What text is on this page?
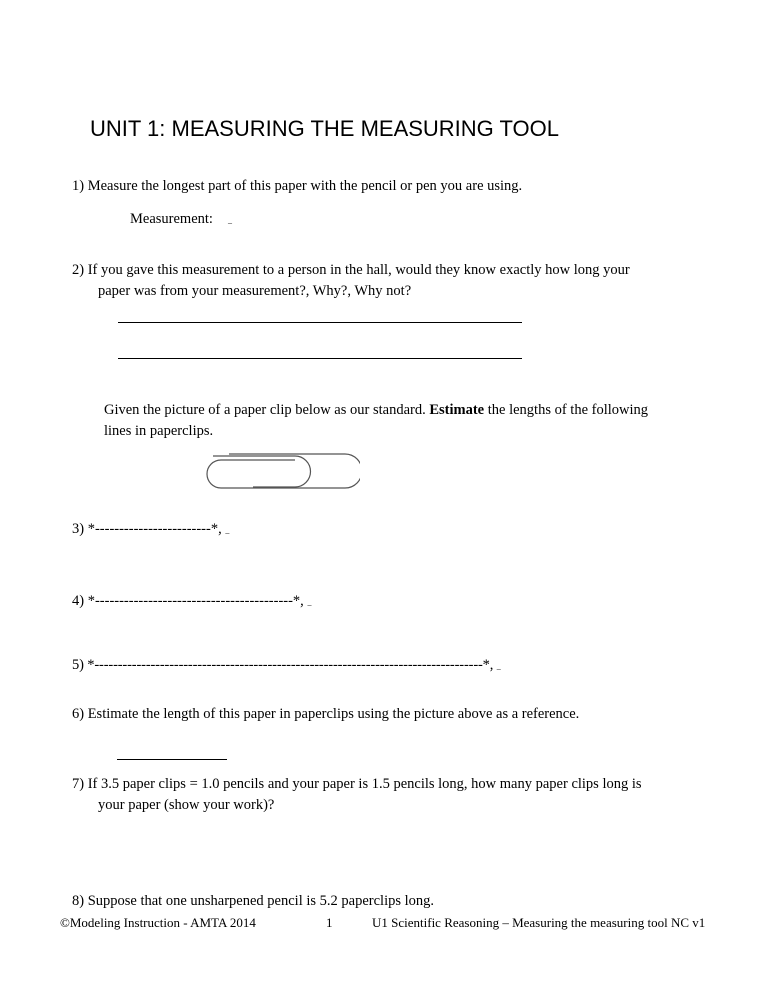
UNIT 1: MEASURING THE MEASURING TOOL
1) Measure the longest part of this paper with the pencil or pen you are using.
Measurement: _
2) If you gave this measurement to a person in the hall, would they know exactly how long your
paper was from your measurement?, Why?, Why not?
Given the picture of a paper clip below as our standard. Estimate the lengths of the following
lines in paperclips.
3) *------------------------*, _
4) *-----------------------------------------*, _
5) *-----------------------------------------------------------------------------------*, _
6) Estimate the length of this paper in paperclips using the picture above as a reference.
7) If 3.5 paper clips = 1.0 pencils and your paper is 1.5 pencils long, how many paper clips long is
your paper (show your work)?
8) Suppose that one unsharpened pencil is 5.2 paperclips long.
©Modeling Instruction - AMTA 2014	1	U1 Scientific Reasoning – Measuring the measuring tool NC v1
